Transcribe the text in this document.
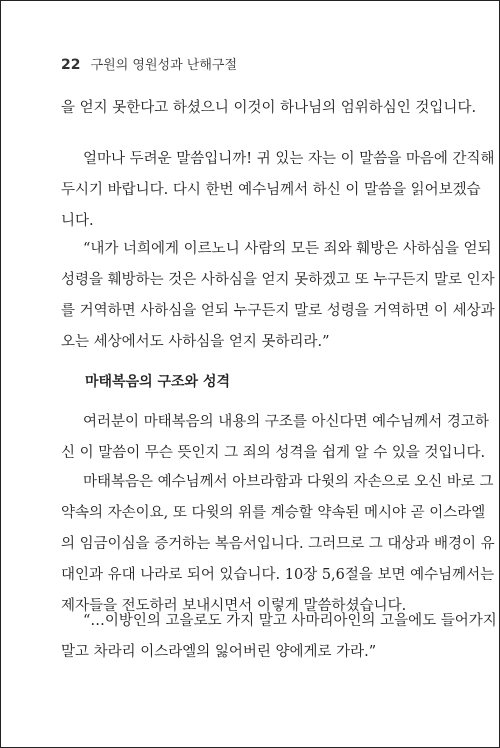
22 구원의 영원성과 난해구절
을 얻지 못한다고 하셨으니 이것이 하나님의 엄위하심인 것입니다.
얼마나 두려운 말씀입니까! 귀 있는 자는 이 말씀을 마음에 간직해
두시기 바랍니다. 다시 한번 예수님께서 하신 이 말씀을 읽어보겠습
니다.
“내가 너희에게 이르노니 사람의 모든 죄와 훼방은 사하심을 얻되
성령을 훼방하는 것은 사하심을 얻지 못하겠고 또 누구든지 말로 인자
를 거역하면 사하심을 얻되 누구든지 말로 성령을 거역하면 이 세상과
오는 세상에서도 사하심을 얻지 못하리라.”
마태복음의 구조와 성격
여러분이 마태복음의 내용의 구조를 아신다면 예수님께서 경고하
신 이 말씀이 무슨 뜻인지 그 죄의 성격을 쉽게 알 수 있을 것입니다.
마태복음은 예수님께서 아브라함과 다윗의 자손으로 오신 바로 그
약속의 자손이요, 또 다윗의 위를 계승할 약속된 메시야 곧 이스라엘
의 임금이심을 증거하는 복음서입니다. 그러므로 그 대상과 배경이 유
대인과 유대 나라로 되어 있습니다. 10장 5,6절을 보면 예수님께서는
제자들을 전도하러 보내시면서 이렇게 말씀하셨습니다.
“…이방인의 고을로도 가지 말고 사마리아인의 고을에도 들어가지
말고 차라리 이스라엘의 잃어버린 양에게로 가라.”
